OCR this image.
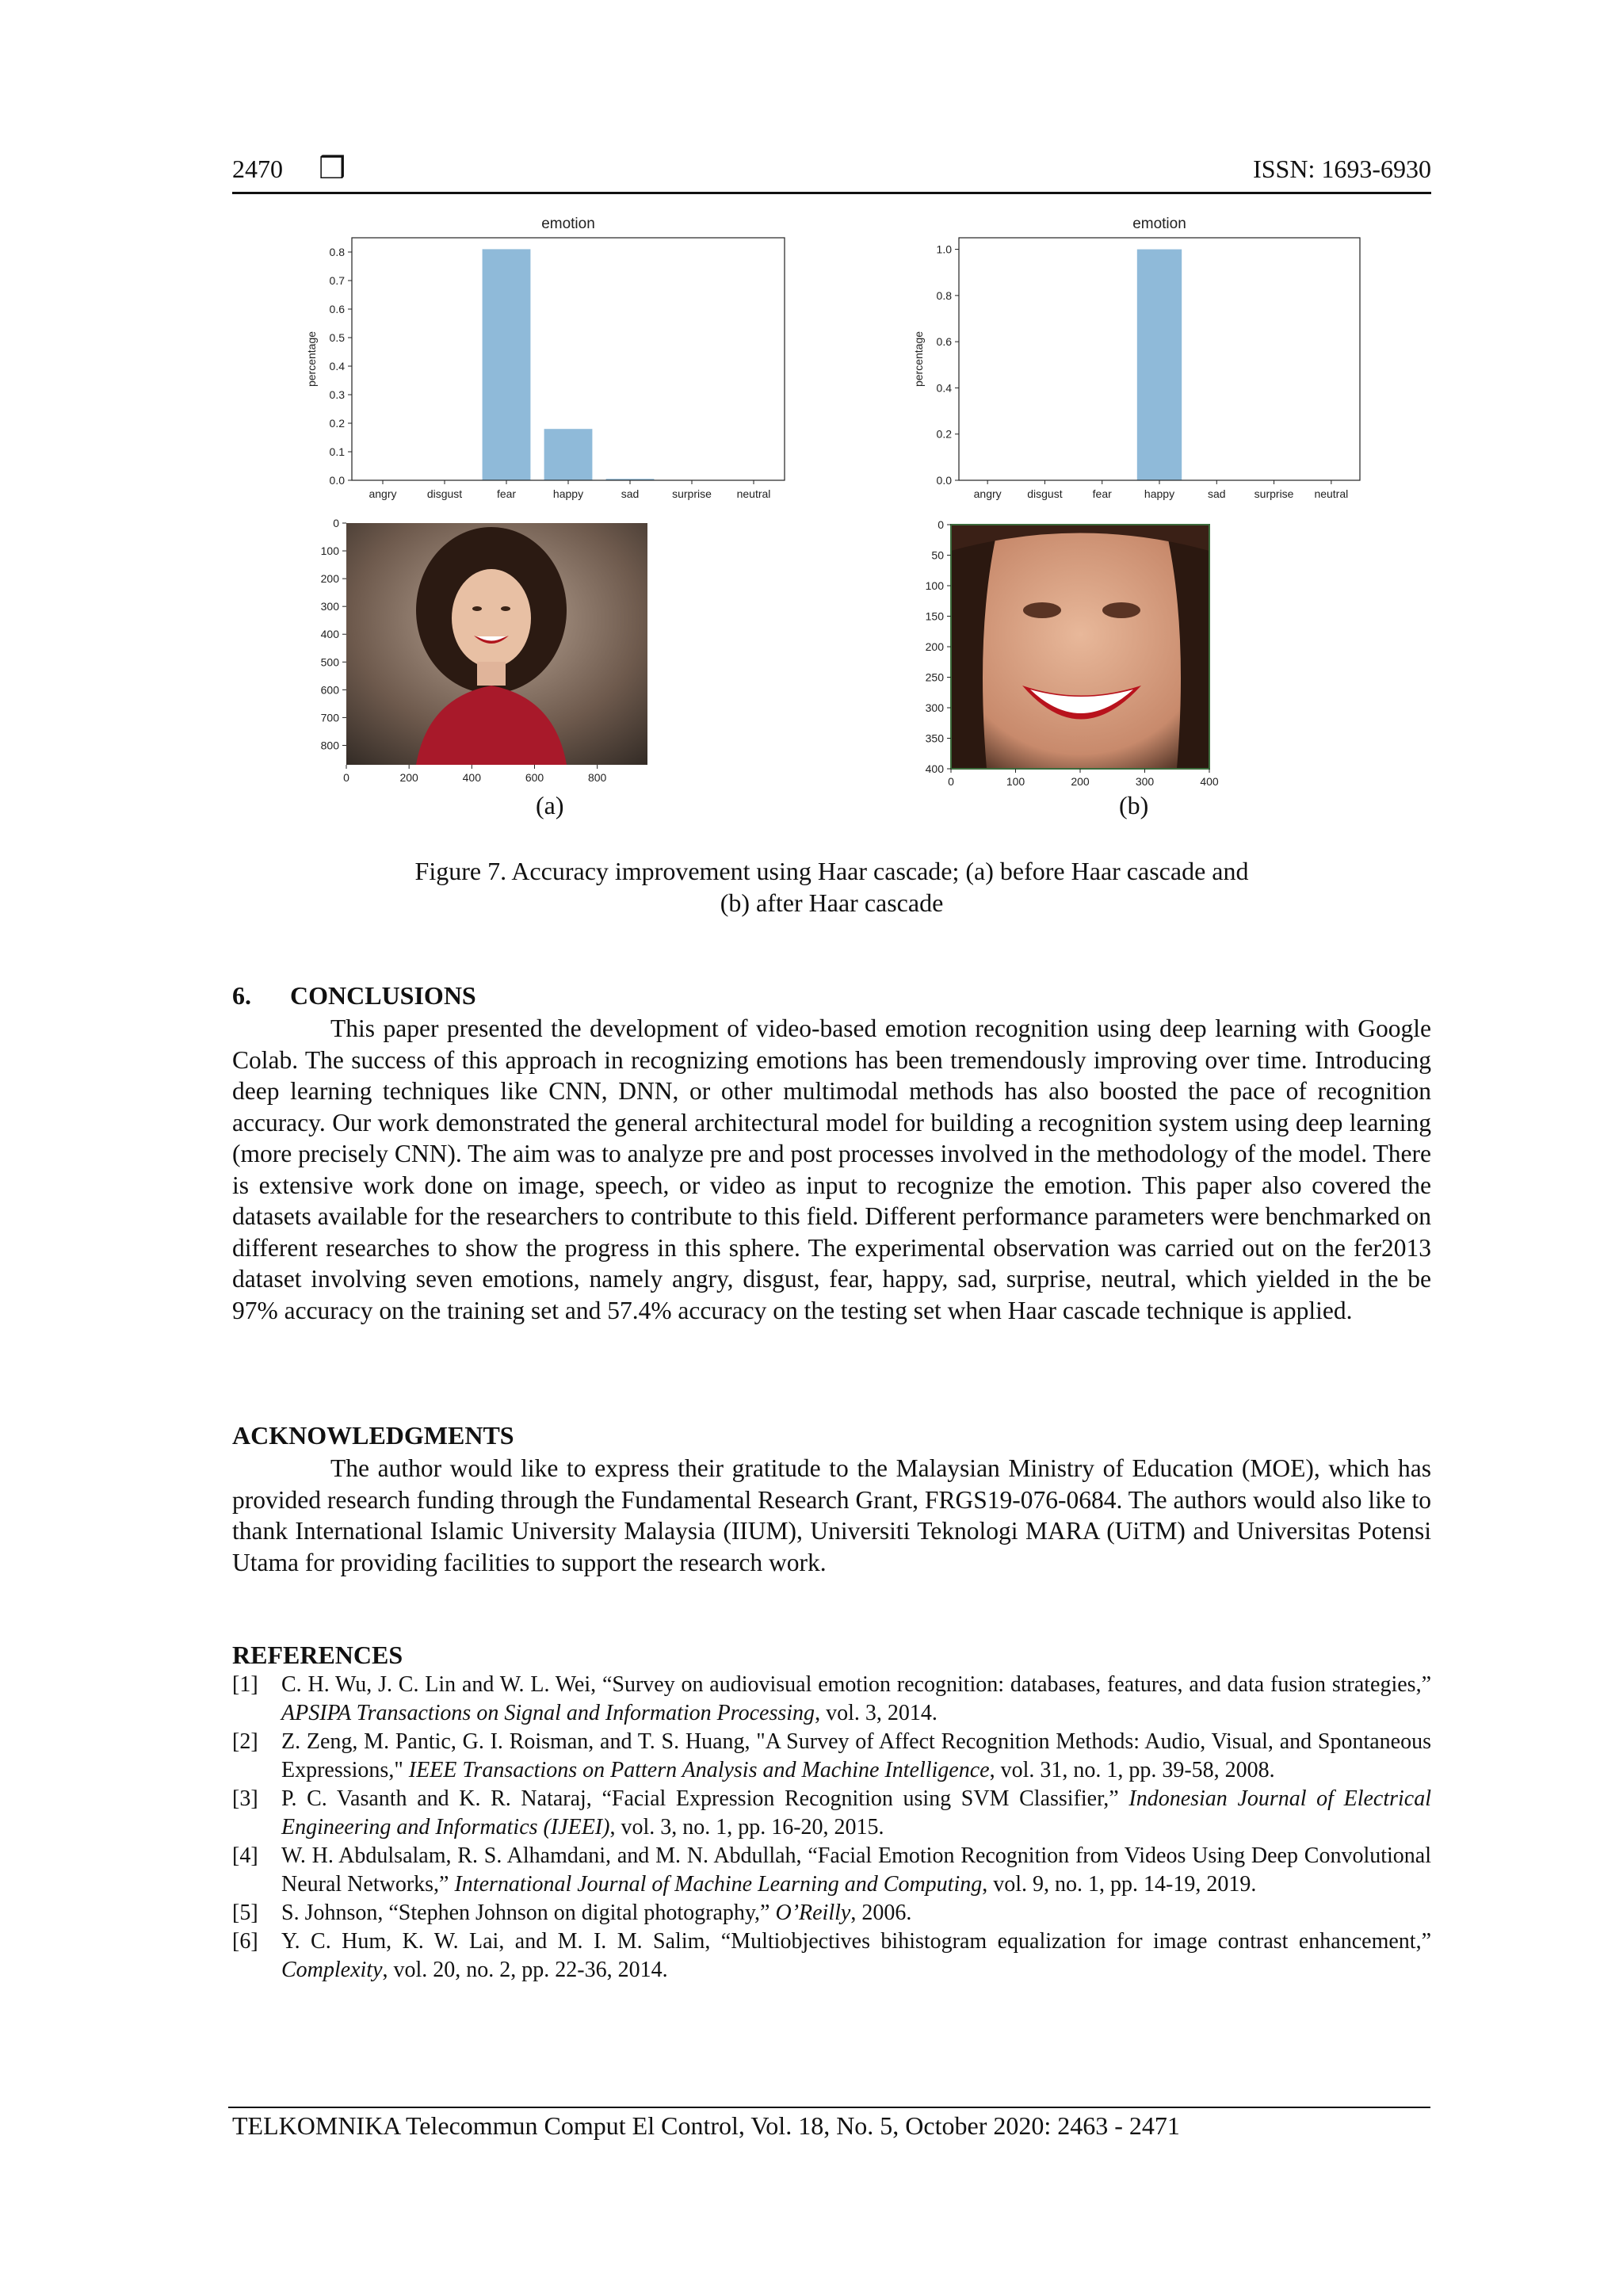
2470 ❒	ISSN: 1693-6930
emotion
percentage
0.0
0.1
0.2
0.3
0.4
0.5
0.6
0.7
0.8
angry	disgust	fear	happy	sad	surprise neutral
emotion
percentage
0.0
0.2
0.4
0.6
0.8
1.0
angry disgust	fear	happy	sad	surprise neutral
0
100
200
300
400
500
600
700
800
0	200	400	600	800
0
50
100
150
200
250
300
350
400
0	100	200	300	400
(a)	(b)
Figure 7. Accuracy improvement using Haar cascade; (a) before Haar cascade and
(b) after Haar cascade
6. CONCLUSIONS

This paper presented the development of video-based emotion recognition using deep learning with Google Colab. The success of this approach in recognizing emotions has been tremendously improving over time. Introducing deep learning techniques like CNN, DNN, or other multimodal methods has also boosted the pace of recognition accuracy. Our work demonstrated the general architectural model for building a recognition system using deep learning (more precisely CNN). The aim was to analyze pre and post processes involved in the methodology of the model. There is extensive work done on image, speech, or video as input to recognize the emotion. This paper also covered the datasets available for the researchers to contribute to this field. Different performance parameters were benchmarked on different researches to show the progress in this sphere. The experimental observation was carried out on the fer2013 dataset involving seven emotions, namely angry, disgust, fear, happy, sad, surprise, neutral, which yielded in the be 97% accuracy on the training set and 57.4% accuracy on the testing set when Haar cascade technique is applied.

ACKNOWLEDGMENTS

The author would like to express their gratitude to the Malaysian Ministry of Education (MOE), which has provided research funding through the Fundamental Research Grant, FRGS19-076-0684. The authors would also like to thank International Islamic University Malaysia (IIUM), Universiti Teknologi MARA (UiTM) and Universitas Potensi Utama for providing facilities to support the research work.

REFERENCES
[1] C. H. Wu, J. C. Lin and W. L. Wei, “Survey on audiovisual emotion recognition: databases, features, and data fusion strategies,” APSIPA Transactions on Signal and Information Processing, vol. 3, 2014.
[2] Z. Zeng, M. Pantic, G. I. Roisman, and T. S. Huang, "A Survey of Affect Recognition Methods: Audio, Visual, and Spontaneous Expressions," IEEE Transactions on Pattern Analysis and Machine Intelligence, vol. 31, no. 1, pp. 39-58, 2008.
[3] P. C. Vasanth and K. R. Nataraj, “Facial Expression Recognition using SVM Classifier,” Indonesian Journal of Electrical Engineering and Informatics (IJEEI), vol. 3, no. 1, pp. 16-20, 2015.
[4] W. H. Abdulsalam, R. S. Alhamdani, and M. N. Abdullah, “Facial Emotion Recognition from Videos Using Deep Convolutional Neural Networks,” International Journal of Machine Learning and Computing, vol. 9, no. 1, pp. 14-19, 2019.
[5] S. Johnson, “Stephen Johnson on digital photography,” O’Reilly, 2006.
[6] Y. C. Hum, K. W. Lai, and M. I. M. Salim, “Multiobjectives bihistogram equalization for image contrast enhancement,” Complexity, vol. 20, no. 2, pp. 22-36, 2014.
TELKOMNIKA Telecommun Comput El Control, Vol. 18, No. 5, October 2020: 2463 - 2471
